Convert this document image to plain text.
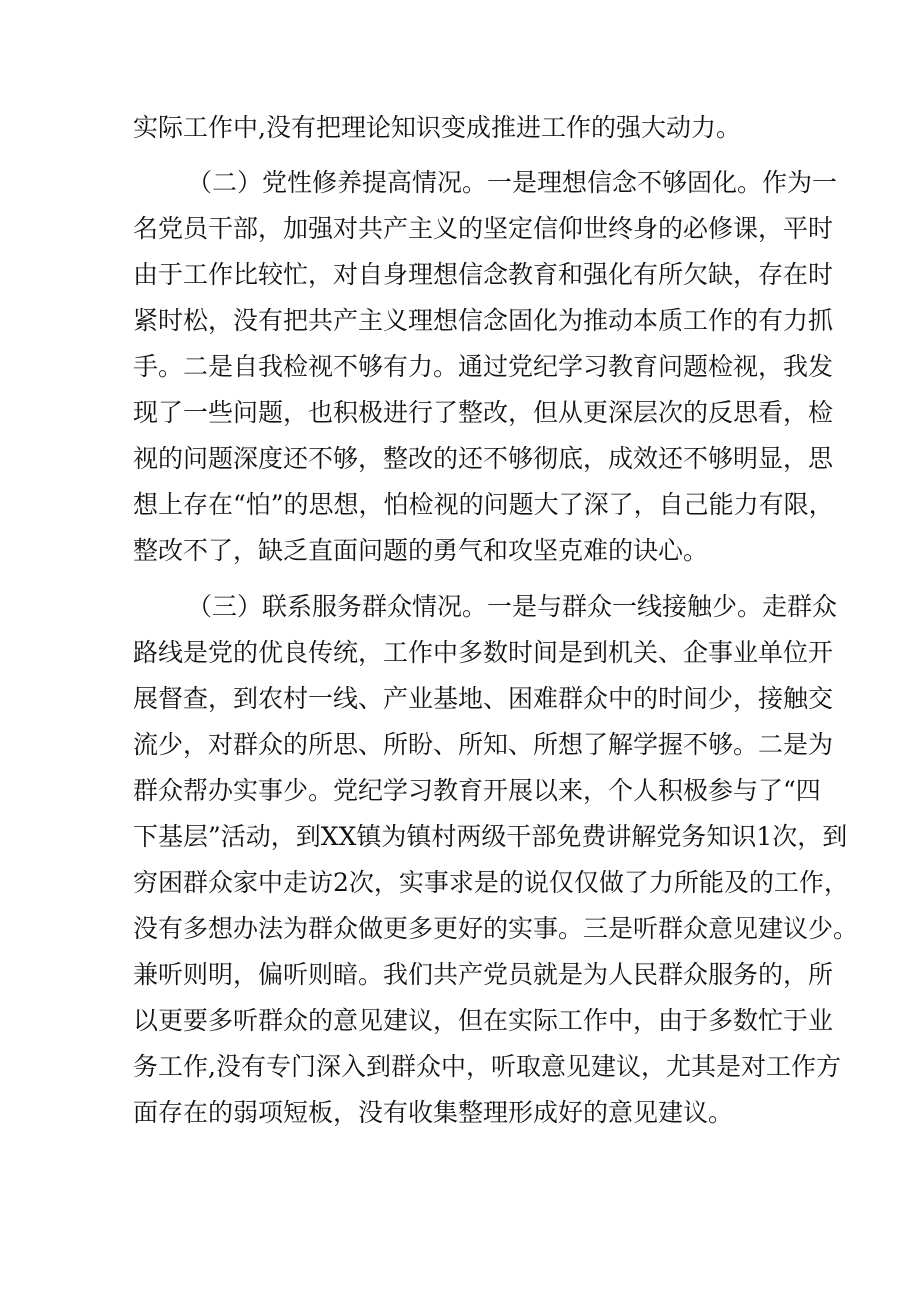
实际工作中,没有把理论知识变成推进工作的强大动力。
（二）党性修养提高情况。一是理想信念不够固化。作为一
名党员干部，加强对共产主义的坚定信仰世终身的必修课，平时
由于工作比较忙，对自身理想信念教育和强化有所欠缺，存在时
紧时松，没有把共产主义理想信念固化为推动本质工作的有力抓
手。二是自我检视不够有力。通过党纪学习教育问题检视，我发
现了一些问题，也积极进行了整改，但从更深层次的反思看，检
视的问题深度还不够，整改的还不够彻底，成效还不够明显，思
想上存在“怕”的思想，怕检视的问题大了深了，自己能力有限，
整改不了，缺乏直面问题的勇气和攻坚克难的诀心。
（三）联系服务群众情况。一是与群众一线接触少。走群众
路线是党的优良传统，工作中多数时间是到机关、企事业单位开
展督查，到农村一线、产业基地、困难群众中的时间少，接触交
流少，对群众的所思、所盼、所知、所想了解学握不够。二是为
群众帮办实事少。党纪学习教育开展以来，个人积极参与了“四
下基层”活动，到XX镇为镇村两级干部免费讲解党务知识1次，到
穷困群众家中走访2次，实事求是的说仅仅做了力所能及的工作，
没有多想办法为群众做更多更好的实事。三是听群众意见建议少。
兼听则明，偏听则暗。我们共产党员就是为人民群众服务的，所
以更要多听群众的意见建议，但在实际工作中，由于多数忙于业
务工作,没有专门深入到群众中，听取意见建议，尤其是对工作方
面存在的弱项短板，没有收集整理形成好的意见建议。
